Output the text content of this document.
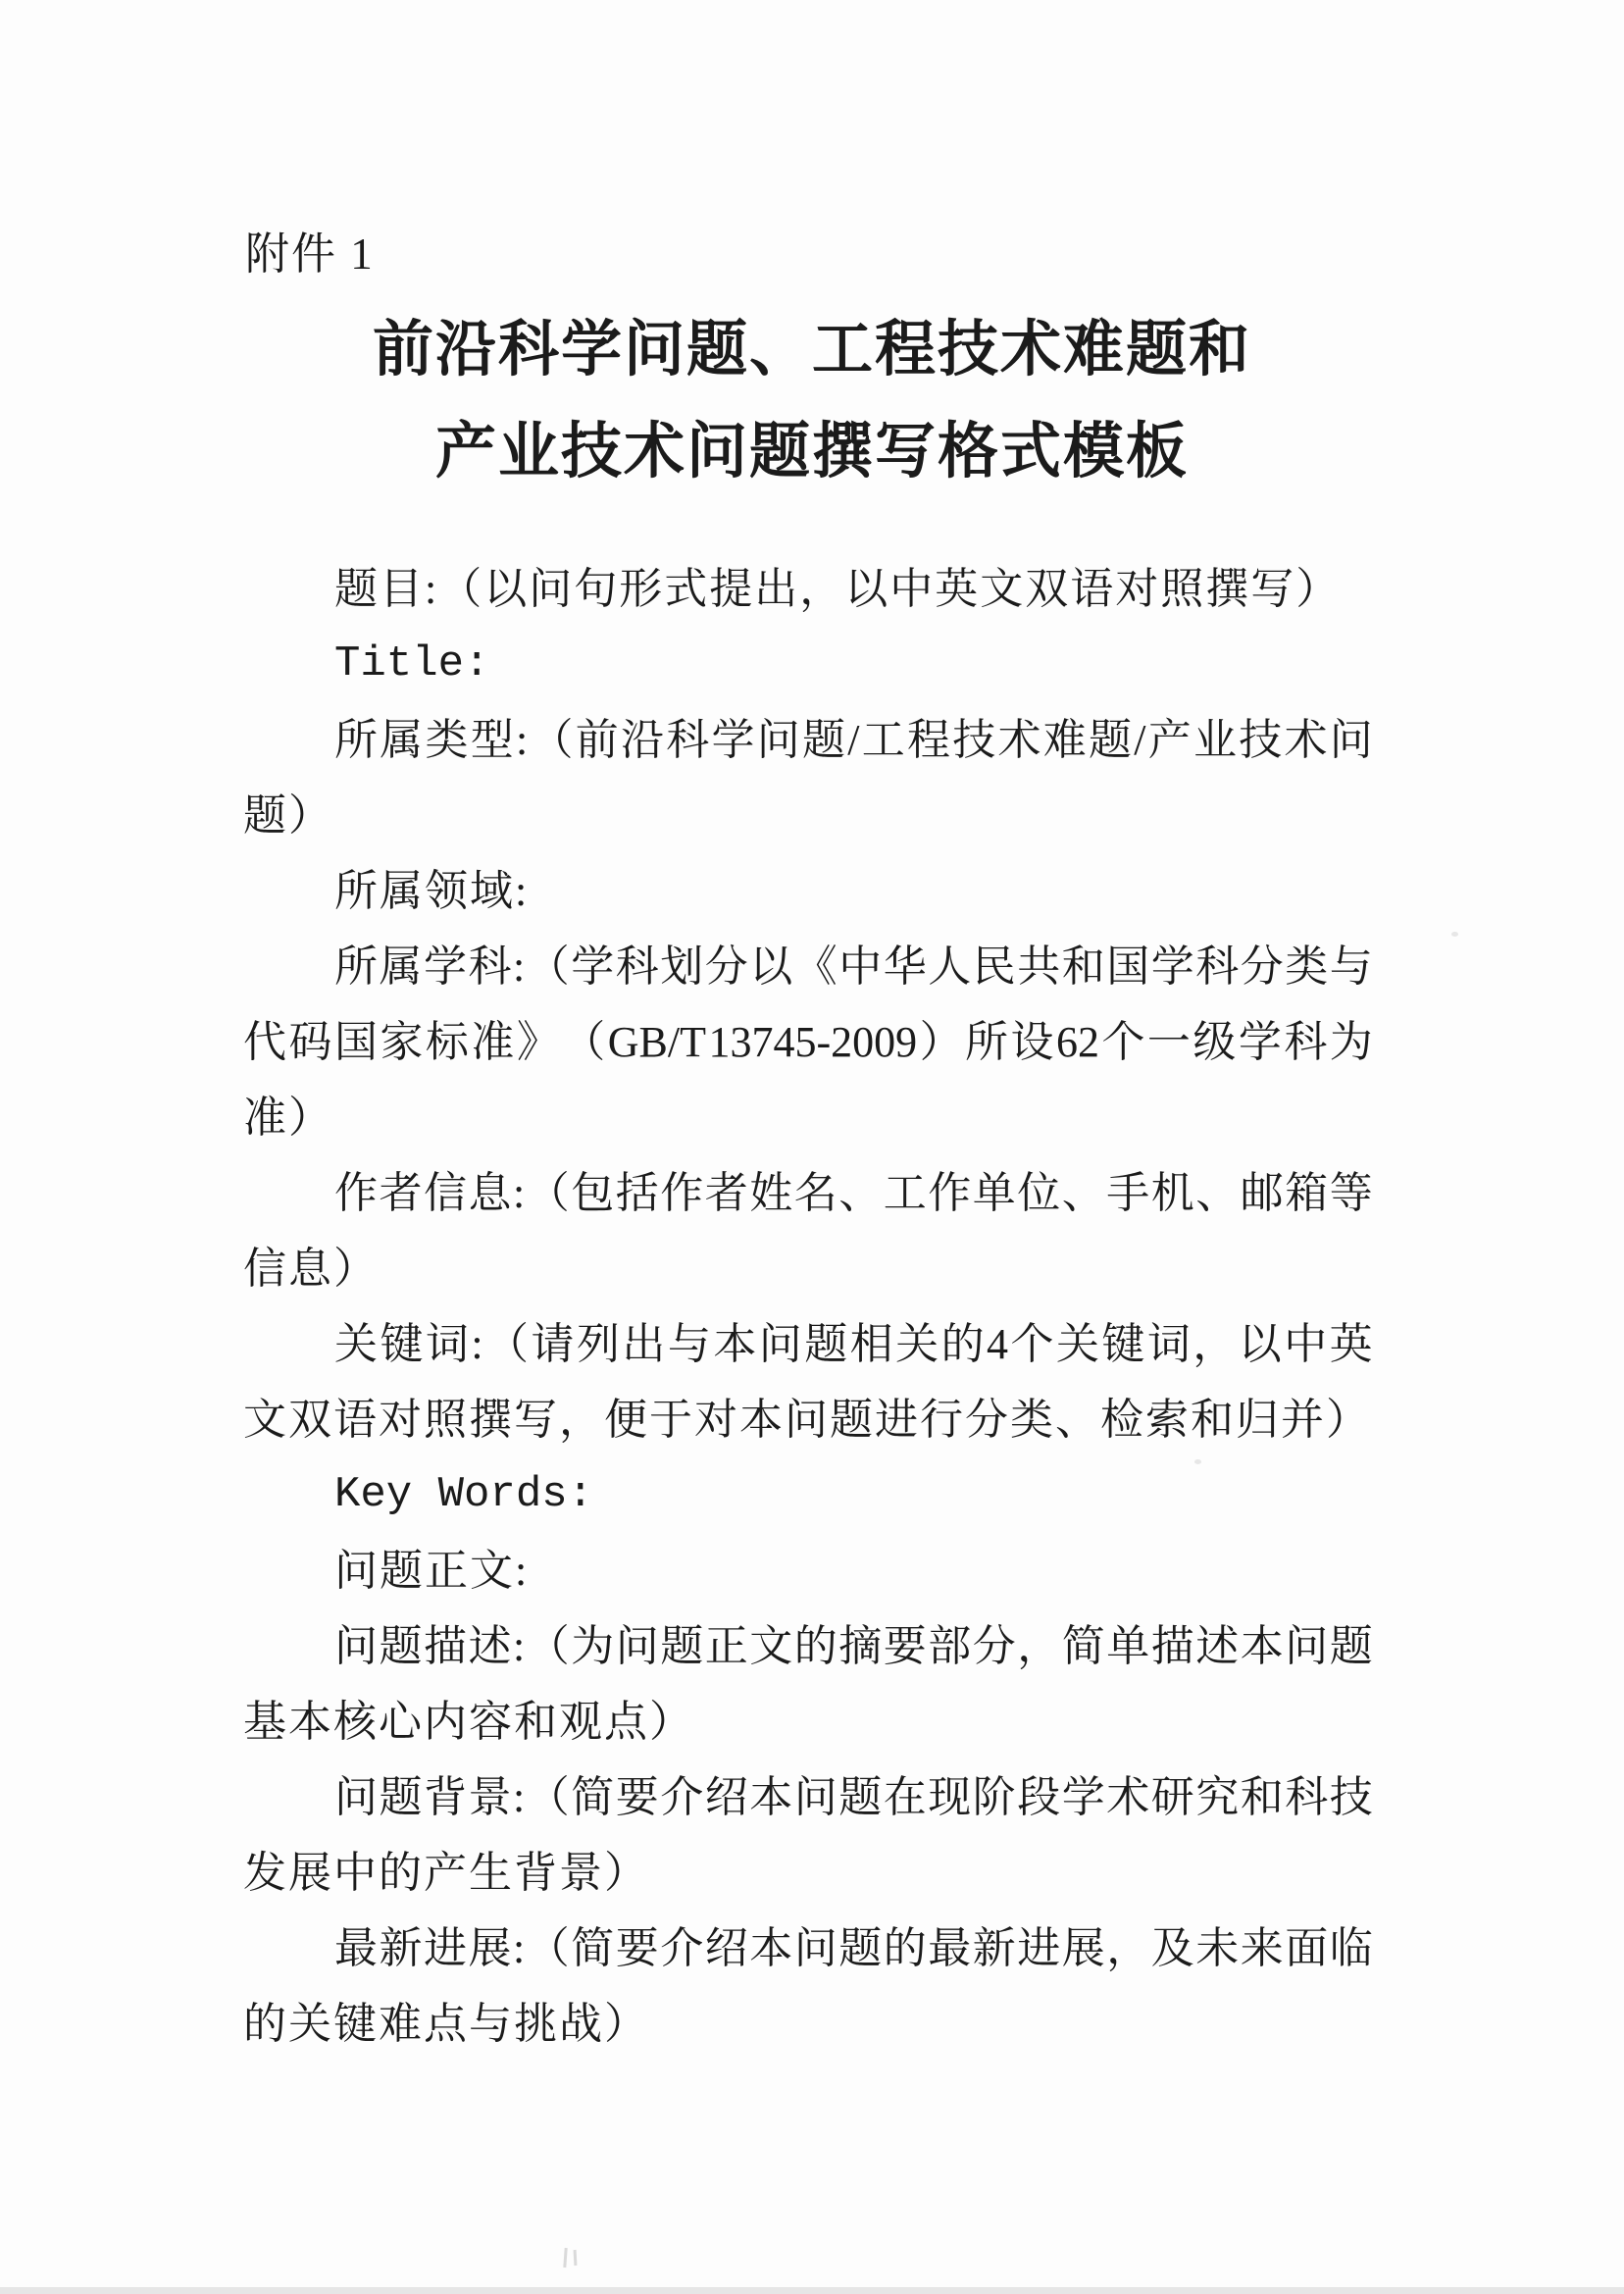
附件 1
前沿科学问题、工程技术难题和
产业技术问题撰写格式模板
题目:（以问句形式提出，以中英文双语对照撰写）
Title:
所 属 类 型 : （ 前 沿 科 学 问 题 / 工 程 技 术 难 题 / 产 业 技 术 问
题）
所属领域:
所 属 学 科 : （ 学 科 划 分 以 《 中 华 人 民 共 和 国 学 科 分 类 与
代 码 国 家 标 准 》 （ GB/T 13745-2009 ） 所 设 62 个 一 级 学 科 为
准）
作 者 信 息 : （ 包 括 作 者 姓 名 、 工 作 单 位 、 手 机 、 邮 箱 等
信息）
关 键 词 : （ 请 列 出 与 本 问 题 相 关 的 4 个 关 键 词 ， 以 中 英
文双语对照撰写，便于对本问题进行分类、检索和归并）
Key Words:
问题正文:
问 题 描 述 : （ 为 问 题 正 文 的 摘 要 部 分 ， 简 单 描 述 本 问 题
基本核心内容和观点）
问 题 背 景 : （ 简 要 介 绍 本 问 题 在 现 阶 段 学 术 研 究 和 科 技
发展中的产生背景）
最 新 进 展 : （ 简 要 介 绍 本 问 题 的 最 新 进 展 ， 及 未 来 面 临
的关键难点与挑战）
